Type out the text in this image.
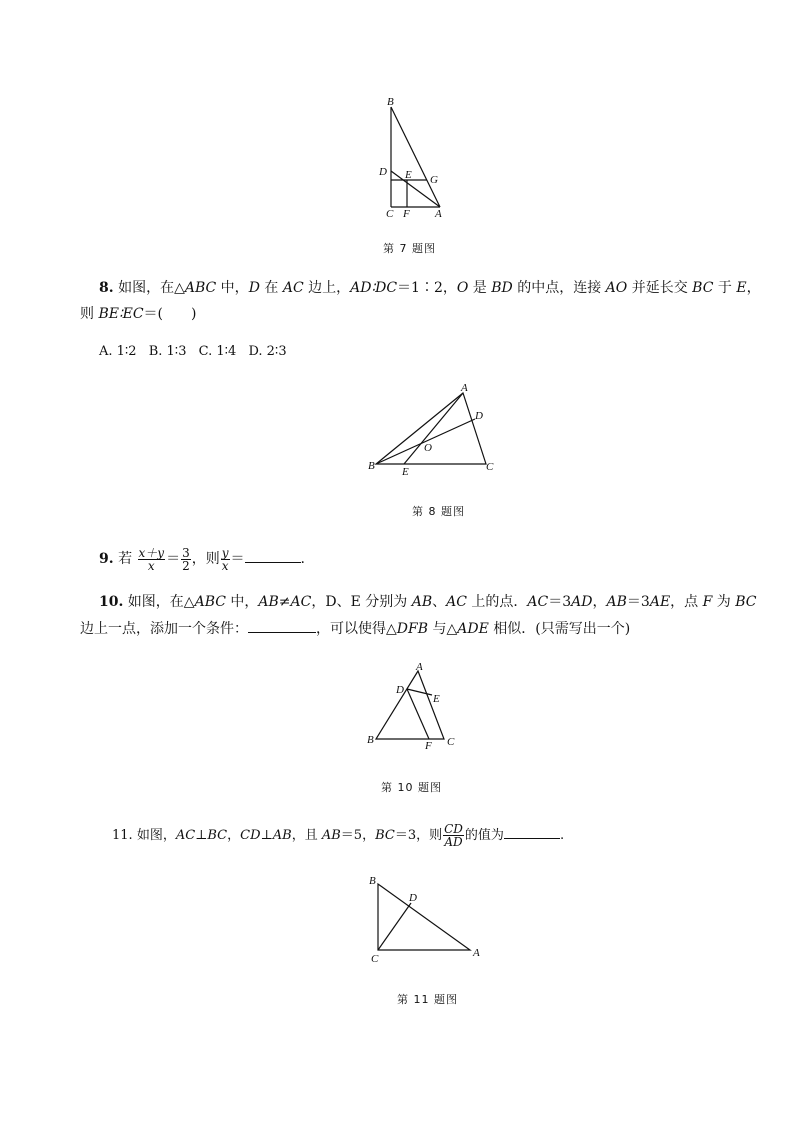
B
D E G
C F A
第 7 题图
8. 如图，在△ABC 中，D 在 AC 边上，AD∶DC＝1∶2，O 是 BD 的中点，连接 AO 并延长交 BC 于 E，
则 BE∶EC＝(　　)
A. 1∶2 B. 1∶3 C. 1∶4 D. 2∶3
A
D
O
B E	C
第 8 题图
9. 若 $\frac{x+y}{x} = \frac{3}{2}$ ，则 $\frac{y}{x}$ ＝	.
10. 如图，在△ABC 中，AB≠AC，D、E 分别为 AB、AC 上的点．AC＝3AD，AB＝3AE，点 F 为 BC
边上一点，添加一个条件：	，可以使得△DFB 与△ADE 相似．(只需写出一个)
A
D
E
B	F C
第 10 题图
11. 如图，AC⊥BC，CD⊥AB，且 AB＝5，BC＝3，则 $\frac{CD}{AD}$ 的值为	.
B
D
C	A
第 11 题图
